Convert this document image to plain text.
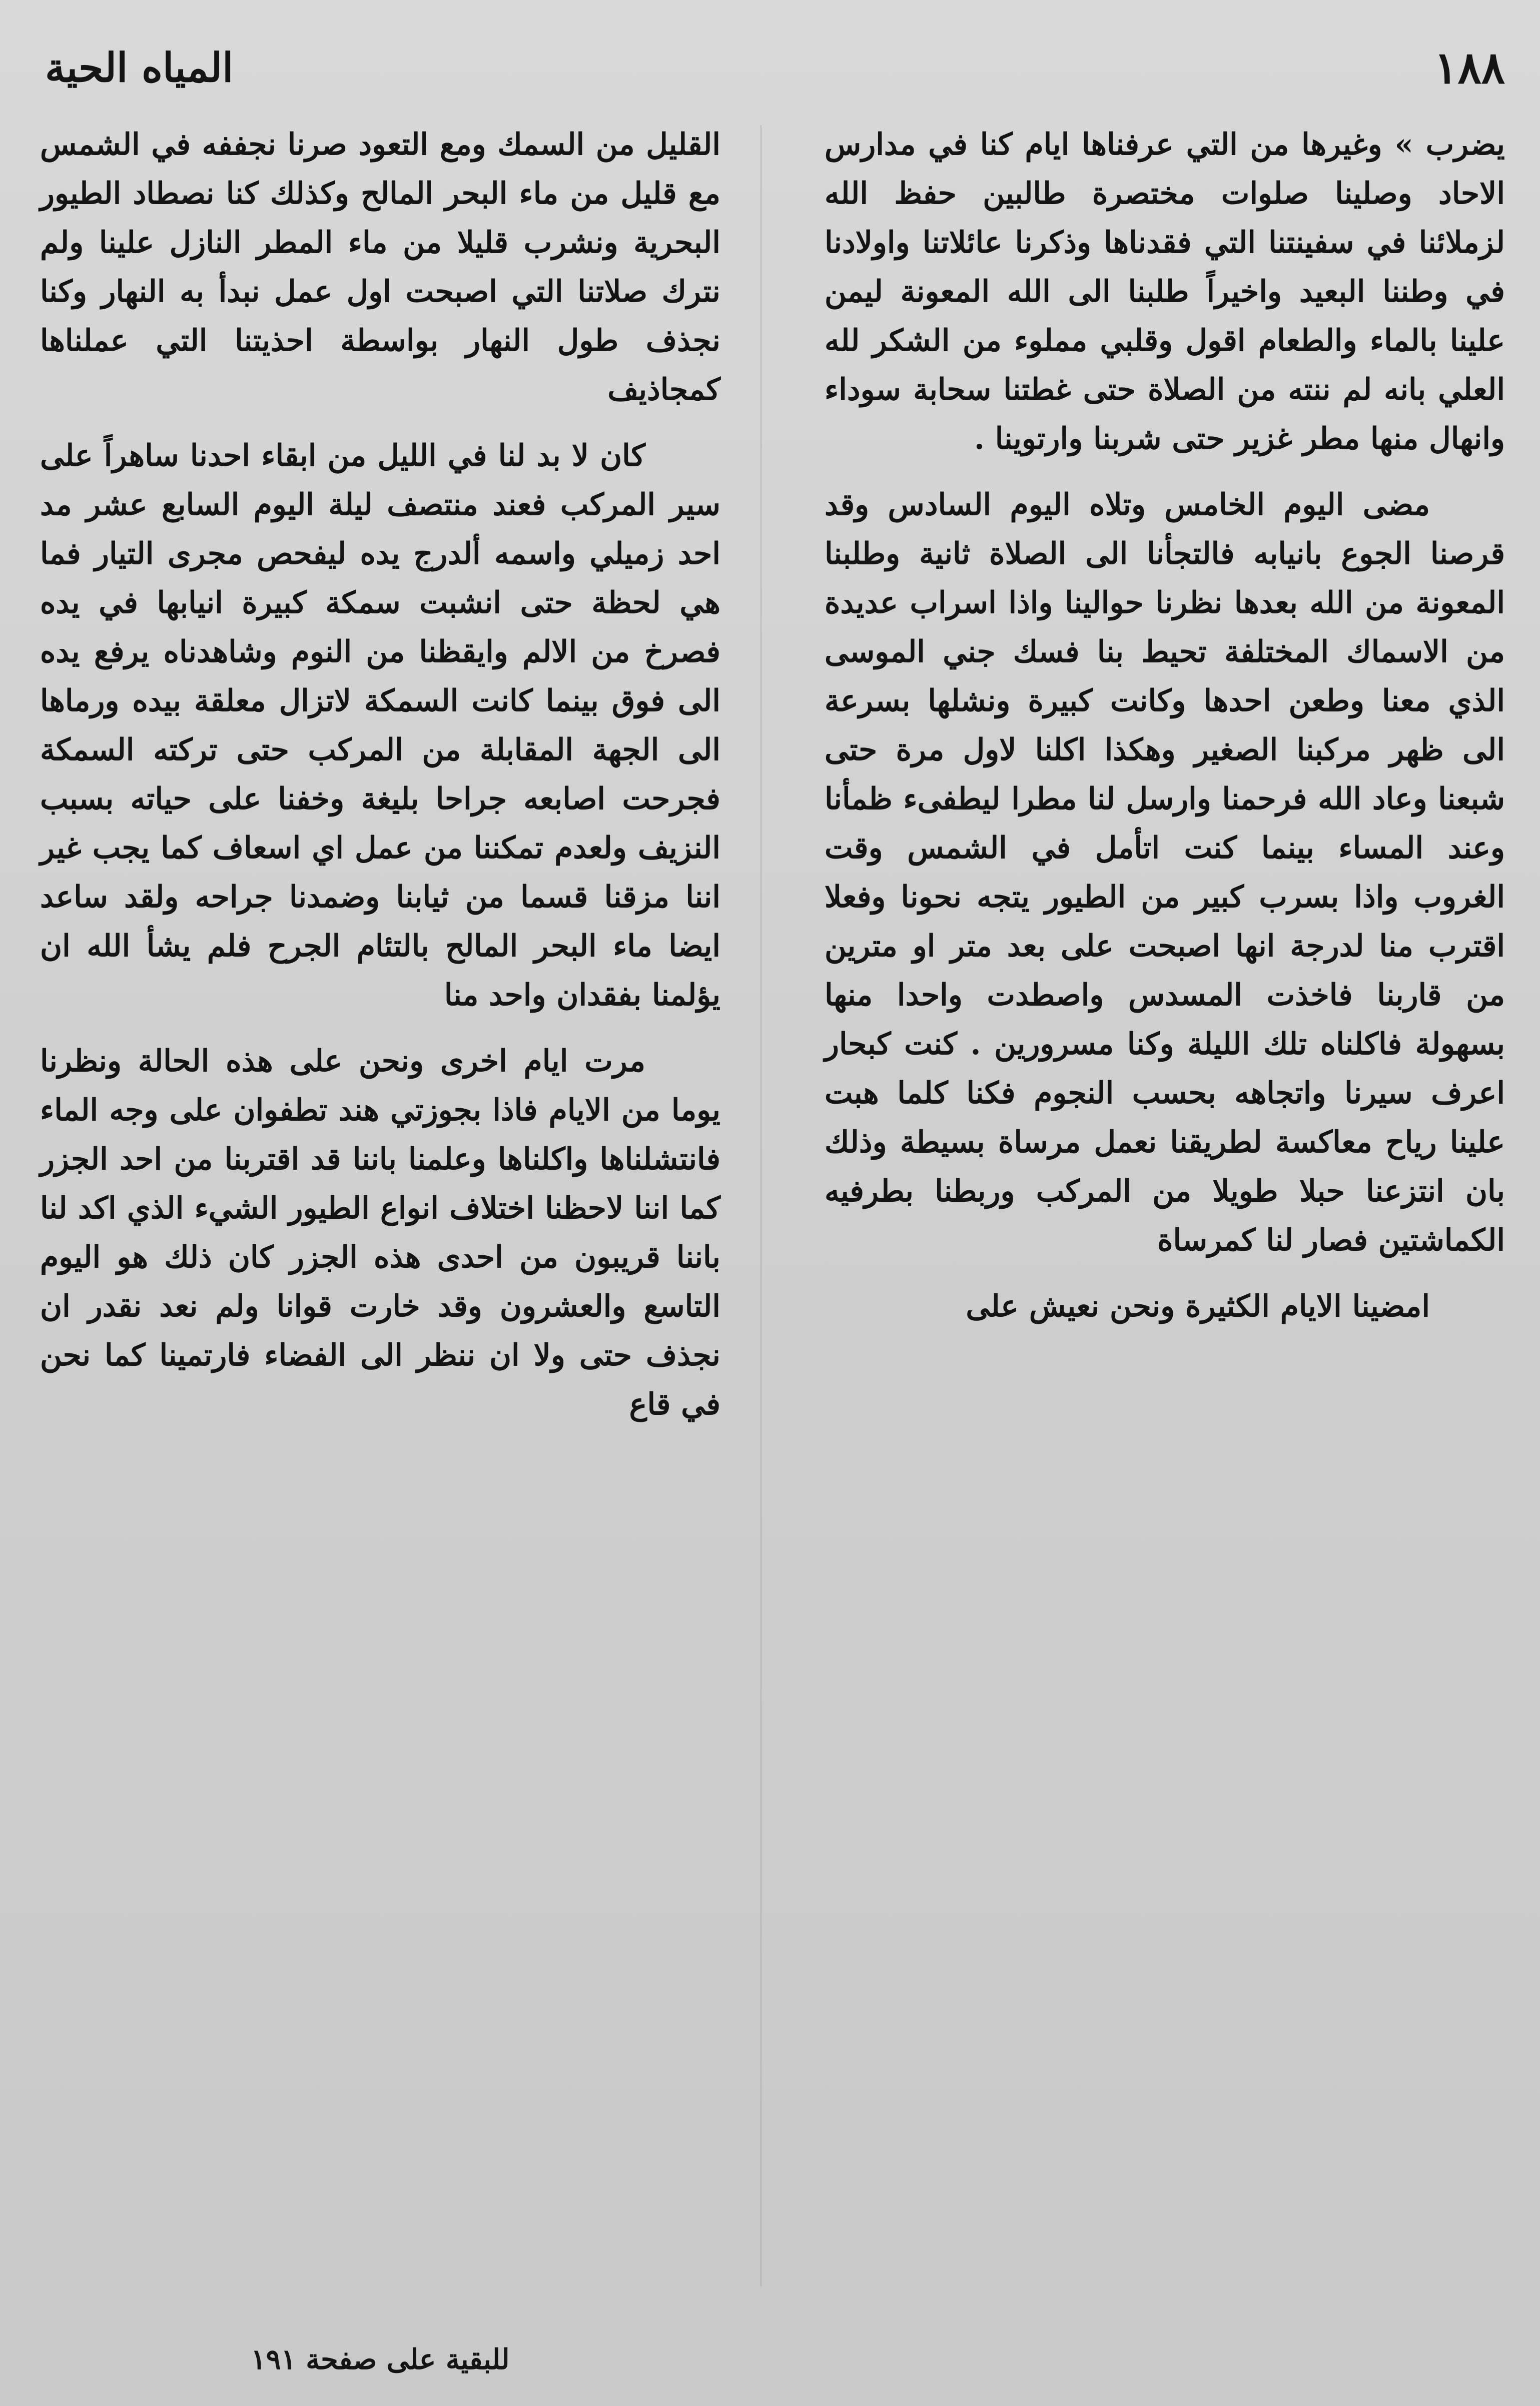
١٨٨
المياه الحية

يضرب » وغيرها من التي عرفناها ايام كنا في مدارس الاحاد وصلينا صلوات مختصرة طالبين حفظ الله لزملائنا في سفينتنا التي فقدناها وذكرنا عائلاتنا واولادنا في وطننا البعيد واخيراً طلبنا الى الله المعونة ليمن علينا بالماء والطعام اقول وقلبي مملوء من الشكر لله العلي بانه لم ننته من الصلاة حتى غطتنا سحابة سوداء وانهال منها مطر غزير حتى شربنا وارتوينا .

مضى اليوم الخامس وتلاه اليوم السادس وقد قرصنا الجوع بانيابه فالتجأنا الى الصلاة ثانية وطلبنا المعونة من الله بعدها نظرنا حوالينا واذا اسراب عديدة من الاسماك المختلفة تحيط بنا فسك جني الموسى الذي معنا وطعن احدها وكانت كبيرة ونشلها بسرعة الى ظهر مركبنا الصغير وهكذا اكلنا لاول مرة حتى شبعنا وعاد الله فرحمنا وارسل لنا مطرا ليطفىء ظمأنا وعند المساء بينما كنت اتأمل في الشمس وقت الغروب واذا بسرب كبير من الطيور يتجه نحونا وفعلا اقترب منا لدرجة انها اصبحت على بعد متر او مترين من قاربنا فاخذت المسدس واصطدت واحدا منها بسهولة فاكلناه تلك الليلة وكنا مسرورين . كنت كبحار اعرف سيرنا واتجاهه بحسب النجوم فكنا كلما هبت علينا رياح معاكسة لطريقنا نعمل مرساة بسيطة وذلك بان انتزعنا حبلا طويلا من المركب وربطنا بطرفيه الكماشتين فصار لنا كمرساة

امضينا الايام الكثيرة ونحن نعيش على

القليل من السمك ومع التعود صرنا نجففه في الشمس مع قليل من ماء البحر المالح وكذلك كنا نصطاد الطيور البحرية ونشرب قليلا من ماء المطر النازل علينا ولم نترك صلاتنا التي اصبحت اول عمل نبدأ به النهار وكنا نجذف طول النهار بواسطة احذيتنا التي عملناها كمجاذيف

كان لا بد لنا في الليل من ابقاء احدنا ساهراً على سير المركب فعند منتصف ليلة اليوم السابع عشر مد احد زميلي واسمه ألدرج يده ليفحص مجرى التيار فما هي لحظة حتى انشبت سمكة كبيرة انيابها في يده فصرخ من الالم وايقظنا من النوم وشاهدناه يرفع يده الى فوق بينما كانت السمكة لاتزال معلقة بيده ورماها الى الجهة المقابلة من المركب حتى تركته السمكة فجرحت اصابعه جراحا بليغة وخفنا على حياته بسبب النزيف ولعدم تمكننا من عمل اي اسعاف كما يجب غير اننا مزقنا قسما من ثيابنا وضمدنا جراحه ولقد ساعد ايضا ماء البحر المالح بالتئام الجرح فلم يشأ الله ان يؤلمنا بفقدان واحد منا

مرت ايام اخرى ونحن على هذه الحالة ونظرنا يوما من الايام فاذا بجوزتي هند تطفوان على وجه الماء فانتشلناها واكلناها وعلمنا باننا قد اقتربنا من احد الجزر كما اننا لاحظنا اختلاف انواع الطيور الشيء الذي اكد لنا باننا قريبون من احدى هذه الجزر كان ذلك هو اليوم التاسع والعشرون وقد خارت قوانا ولم نعد نقدر ان نجذف حتى ولا ان ننظر الى الفضاء فارتمينا كما نحن في قاع

للبقية على صفحة ١٩١
